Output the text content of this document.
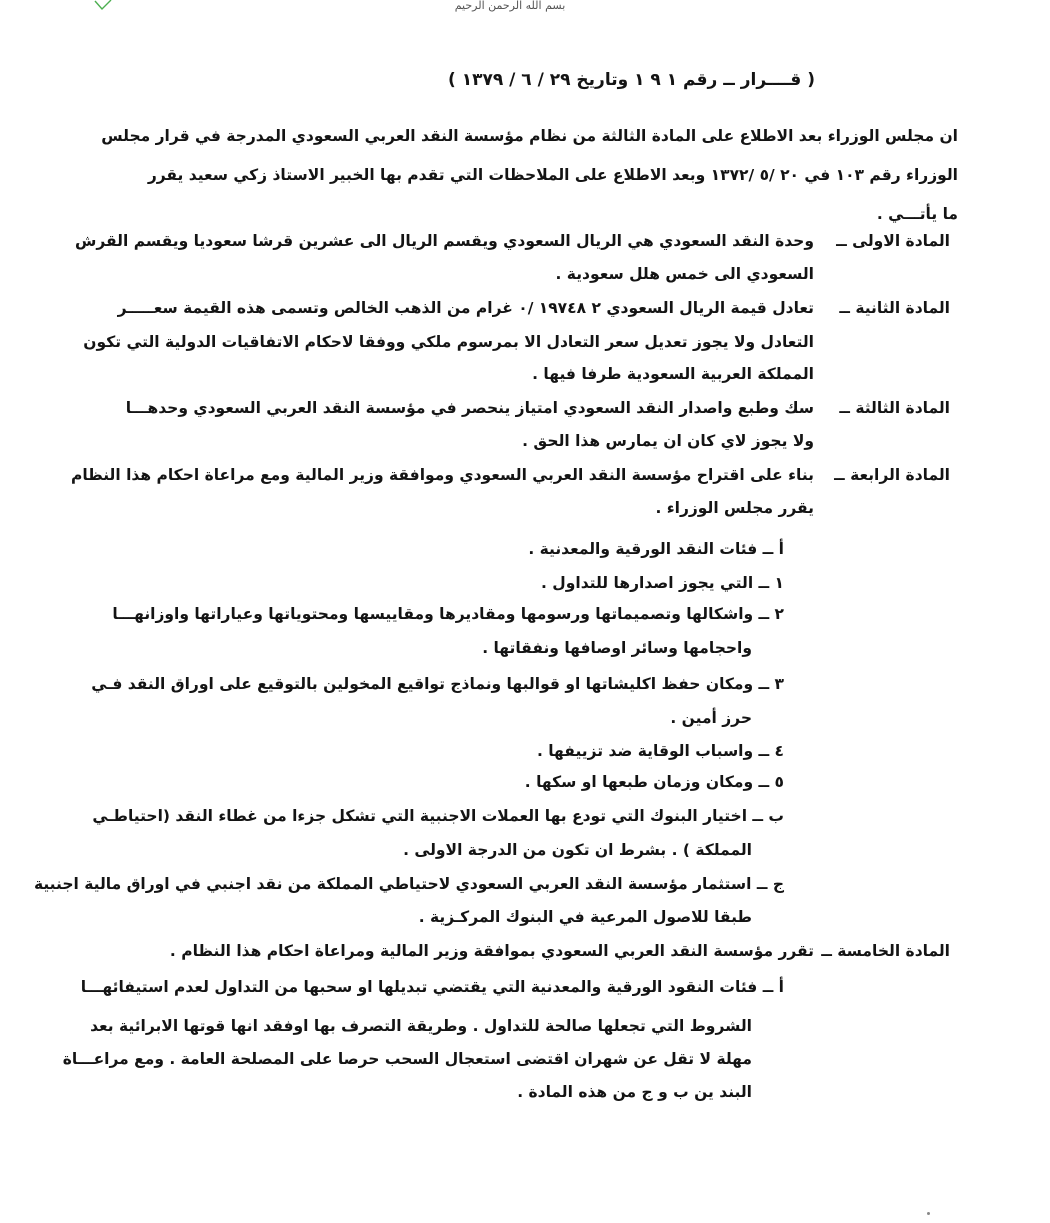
بسم الله الرحمن الرحيم
( قــــرار ــ رقم ۱ ۹ ۱ وتاريخ ۲۹ / ٦ / ١٣٧٩ )
ان مجلس الوزراء بعد الاطلاع على المادة الثالثة من نظام مؤسسة النقد العربي السعودي المدرجة في قرار مجلس
الوزراء رقم ١٠٣ في ٢٠ /٥ /١٣٧٢ وبعد الاطلاع على الملاحظات التي تقدم بها الخبير الاستاذ زكي سعيد يقرر
ما يأتـــي .
المادة الاولى ــ
وحدة النقد السعودي هي الريال السعودي ويقسم الريال الى عشرين قرشا سعوديا ويقسم القرش
السعودي الى خمس هلل سعودية .
المادة الثانية ــ
تعادل قيمة الريال السعودي ٢ ١٩٧٤٨ /٠ غرام من الذهب الخالص وتسمى هذه القيمة سعـــــر
التعادل ولا يجوز تعديل سعر التعادل الا بمرسوم ملكي ووفقا لاحكام الاتفاقيات الدولية التي تكون
المملكة العربية السعودية طرفا فيها .
المادة الثالثة ــ
سك وطبع واصدار النقد السعودي امتياز ينحصر في مؤسسة النقد العربي السعودي وحدهـــا
ولا يجوز لاي كان ان يمارس هذا الحق .
المادة الرابعة ــ
بناء على اقتراح مؤسسة النقد العربي السعودي وموافقة وزير المالية ومع مراعاة احكام هذا النظام
يقرر مجلس الوزراء .
أ ــ فئات النقد الورقية والمعدنية .
١ ــ التي يجوز اصدارها للتداول .
٢ ــ واشكالها وتصميماتها ورسومها ومقاديرها ومقاييسها ومحتوياتها وعياراتها واوزانهـــا
واحجامها وسائر اوصافها ونفقاتها .
٣ ــ ومكان حفظ اكليشاتها او قوالبها ونماذج تواقيع المخولين بالتوقيع على اوراق النقد فـي
حرز أمين .
٤ ــ واسباب الوقاية ضد تزييفها .
٥ ــ ومكان وزمان طبعها او سكها .
ب ــ اختيار البنوك التي تودع بها العملات الاجنبية التي تشكل جزءا من غطاء النقد (احتياطـي
المملكة ) . بشرط ان تكون من الدرجة الاولى .
ج ــ استثمار مؤسسة النقد العربي السعودي لاحتياطي المملكة من نقد اجنبي في اوراق مالية اجنبية
طبقا للاصول المرعية في البنوك المركـزية .
المادة الخامسة ــ
تقرر مؤسسة النقد العربي السعودي بموافقة وزير المالية ومراعاة احكام هذا النظام .
أ ــ فئات النقود الورقية والمعدنية التي يقتضي تبديلها او سحبها من التداول لعدم استيفائهـــا
الشروط التي تجعلها صالحة للتداول . وطريقة التصرف بها اوفقد انها قوتها الابرائية بعد
مهلة لا تقل عن شهران اقتضى استعجال السحب حرصا على المصلحة العامة . ومع مراعـــاة
البند ين ب و ج من هذه المادة .
